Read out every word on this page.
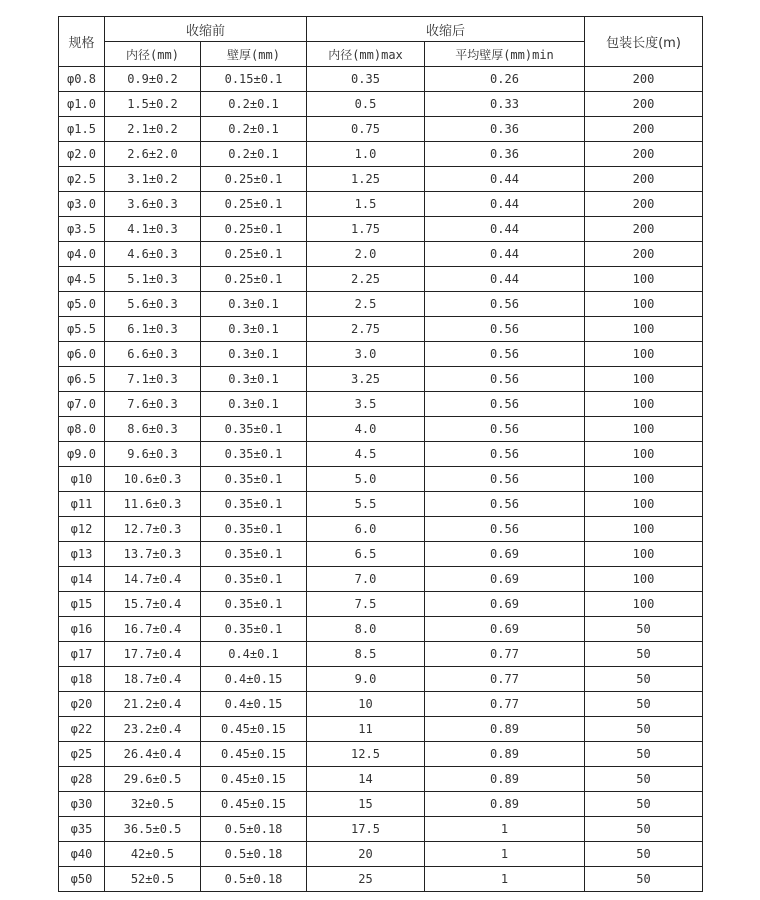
规格	收缩前		收缩后		包装长度(m)
	内径(mm)	壁厚(mm)	内径(mm)max	平均壁厚(mm)min	
φ0.8	0.9±0.2	0.15±0.1	0.35	0.26	200
φ1.0	1.5±0.2	0.2±0.1	0.5	0.33	200
φ1.5	2.1±0.2	0.2±0.1	0.75	0.36	200
φ2.0	2.6±2.0	0.2±0.1	1.0	0.36	200
φ2.5	3.1±0.2	0.25±0.1	1.25	0.44	200
φ3.0	3.6±0.3	0.25±0.1	1.5	0.44	200
φ3.5	4.1±0.3	0.25±0.1	1.75	0.44	200
φ4.0	4.6±0.3	0.25±0.1	2.0	0.44	200
φ4.5	5.1±0.3	0.25±0.1	2.25	0.44	100
φ5.0	5.6±0.3	0.3±0.1	2.5	0.56	100
φ5.5	6.1±0.3	0.3±0.1	2.75	0.56	100
φ6.0	6.6±0.3	0.3±0.1	3.0	0.56	100
φ6.5	7.1±0.3	0.3±0.1	3.25	0.56	100
φ7.0	7.6±0.3	0.3±0.1	3.5	0.56	100
φ8.0	8.6±0.3	0.35±0.1	4.0	0.56	100
φ9.0	9.6±0.3	0.35±0.1	4.5	0.56	100
φ10	10.6±0.3	0.35±0.1	5.0	0.56	100
φ11	11.6±0.3	0.35±0.1	5.5	0.56	100
φ12	12.7±0.3	0.35±0.1	6.0	0.56	100
φ13	13.7±0.3	0.35±0.1	6.5	0.69	100
φ14	14.7±0.4	0.35±0.1	7.0	0.69	100
φ15	15.7±0.4	0.35±0.1	7.5	0.69	100
φ16	16.7±0.4	0.35±0.1	8.0	0.69	50
φ17	17.7±0.4	0.4±0.1	8.5	0.77	50
φ18	18.7±0.4	0.4±0.15	9.0	0.77	50
φ20	21.2±0.4	0.4±0.15	10	0.77	50
φ22	23.2±0.4	0.45±0.15	11	0.89	50
φ25	26.4±0.4	0.45±0.15	12.5	0.89	50
φ28	29.6±0.5	0.45±0.15	14	0.89	50
φ30	32±0.5	0.45±0.15	15	0.89	50
φ35	36.5±0.5	0.5±0.18	17.5	1	50
φ40	42±0.5	0.5±0.18	20	1	50
φ50	52±0.5	0.5±0.18	25	1	50
